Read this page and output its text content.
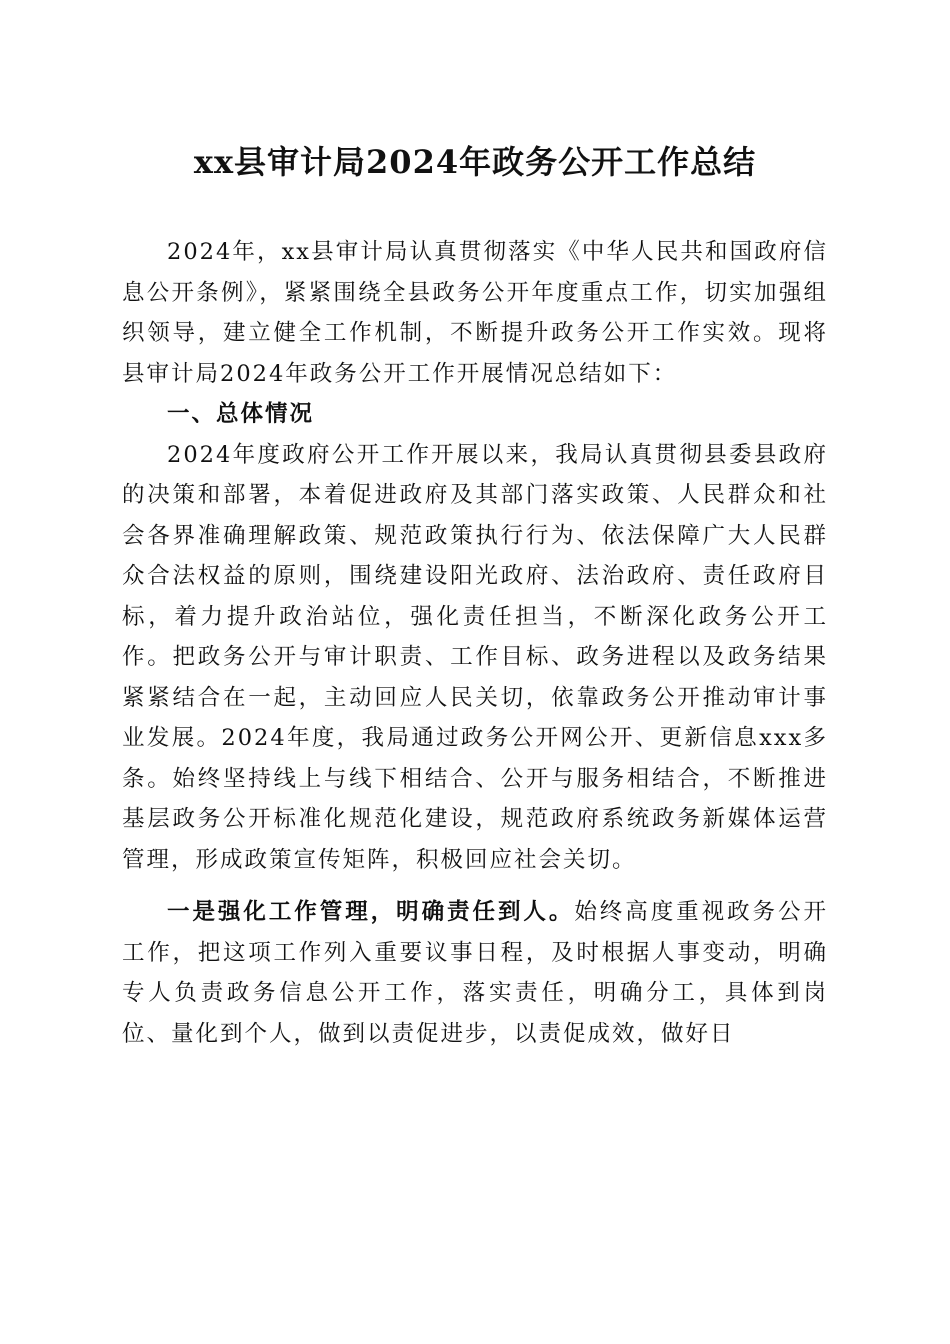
xx县审计局2024年政务公开工作总结

2024年，xx县审计局认真贯彻落实《中华人民共和国政府信息公开条例》，紧紧围绕全县政务公开年度重点工作，切实加强组织领导，建立健全工作机制，不断提升政务公开工作实效。现将县审计局2024年政务公开工作开展情况总结如下：

一、总体情况

2024年度政府公开工作开展以来，我局认真贯彻县委县政府的决策和部署，本着促进政府及其部门落实政策、人民群众和社会各界准确理解政策、规范政策执行行为、依法保障广大人民群众合法权益的原则，围绕建设阳光政府、法治政府、责任政府目标，着力提升政治站位，强化责任担当，不断深化政务公开工作。把政务公开与审计职责、工作目标、政务进程以及政务结果紧紧结合在一起，主动回应人民关切，依靠政务公开推动审计事业发展。2024年度，我局通过政务公开网公开、更新信息xxx多条。始终坚持线上与线下相结合、公开与服务相结合，不断推进基层政务公开标准化规范化建设，规范政府系统政务新媒体运营管理，形成政策宣传矩阵，积极回应社会关切。

一是强化工作管理，明确责任到人。始终高度重视政务公开工作，把这项工作列入重要议事日程，及时根据人事变动，明确专人负责政务信息公开工作，落实责任，明确分工，具体到岗位、量化到个人，做到以责促进步，以责促成效，做好日
